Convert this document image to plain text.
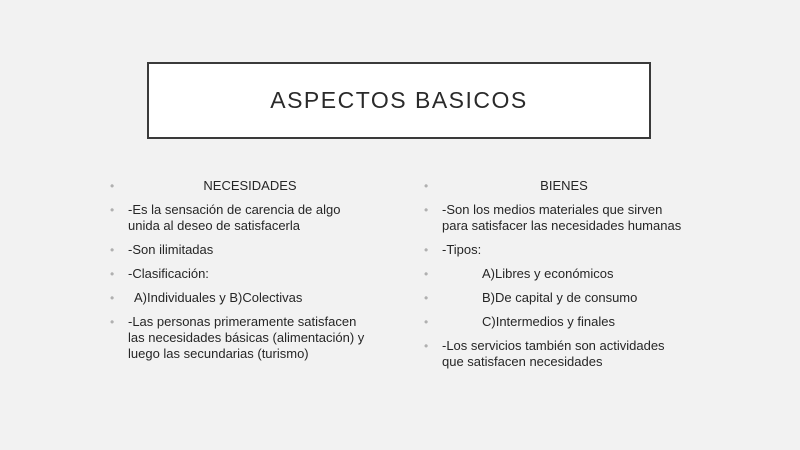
ASPECTOS BASICOS
•	NECESIDADES
• -Es la sensación de carencia de algo unida al deseo de satisfacerla
• -Son ilimitadas
• -Clasificación:
• A)Individuales y B)Colectivas
• -Las personas primeramente satisfacen las necesidades básicas (alimentación) y luego las secundarias (turismo)
•	BIENES
• -Son los medios materiales que sirven para satisfacer las necesidades humanas
• -Tipos:
•	A)Libres y económicos
•	B)De capital y de consumo
•	C)Intermedios y finales
• -Los servicios también son actividades que satisfacen necesidades
